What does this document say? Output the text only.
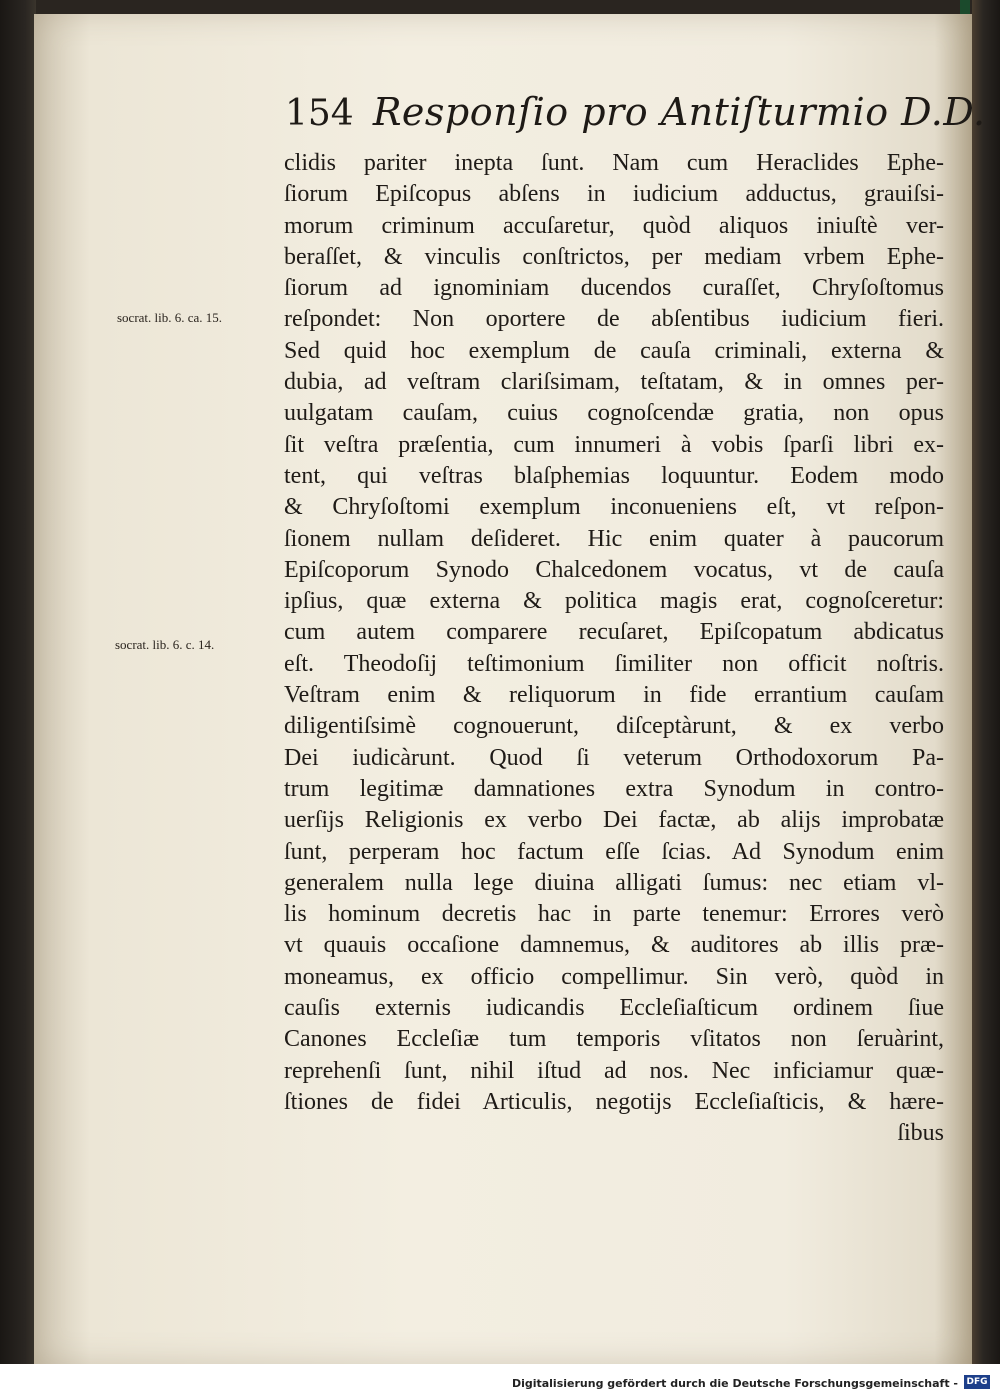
154 Responſio pro Antiſturmio D.D.
socrat. lib. 6. ca. 15.
socrat. lib. 6. c. 14.
clidis pariter inepta ſunt. Nam cum Heraclides Ephe-
ſiorum Epiſcopus abſens in iudicium adductus, grauiſsi-
morum criminum accuſaretur, quòd aliquos iniuſtè ver-
beraſſet, & vinculis conſtrictos, per mediam vrbem Ephe-
ſiorum ad ignominiam ducendos curaſſet, Chryſoſtomus
reſpondet: Non oportere de abſentibus iudicium fieri.
Sed quid hoc exemplum de cauſa criminali, externa &
dubia, ad veſtram clariſsimam, teſtatam, & in omnes per-
uulgatam cauſam, cuius cognoſcendæ gratia, non opus
ſit veſtra præſentia, cum innumeri à vobis ſparſi libri ex-
tent, qui veſtras blaſphemias loquuntur. Eodem modo
& Chryſoſtomi exemplum inconueniens eſt, vt reſpon-
ſionem nullam deſideret. Hic enim quater à paucorum
Epiſcoporum Synodo Chalcedonem vocatus, vt de cauſa
ipſius, quæ externa & politica magis erat, cognoſceretur:
cum autem comparere recuſaret, Epiſcopatum abdicatus
eſt. Theodoſij teſtimonium ſimiliter non officit noſtris.
Veſtram enim & reliquorum in fide errantium cauſam
diligentiſsimè cognouerunt, diſceptàrunt, & ex verbo
Dei iudicàrunt. Quod ſi veterum Orthodoxorum Pa-
trum legitimæ damnationes extra Synodum in contro-
uerſijs Religionis ex verbo Dei factæ, ab alijs improbatæ
ſunt, perperam hoc factum eſſe ſcias. Ad Synodum enim
generalem nulla lege diuina alligati ſumus: nec etiam vl-
lis hominum decretis hac in parte tenemur: Errores verò
vt quauis occaſione damnemus, & auditores ab illis præ-
moneamus, ex officio compellimur. Sin verò, quòd in
cauſis externis iudicandis Eccleſiaſticum ordinem ſiue
Canones Eccleſiæ tum temporis vſitatos non ſeruàrint,
reprehenſi ſunt, nihil iſtud ad nos. Nec inficiamur quæ-
ſtiones de fidei Articulis, negotijs Eccleſiaſticis, & hære-
ſibus
Digitalisierung gefördert durch die Deutsche Forschungsgemeinschaft - DFG
